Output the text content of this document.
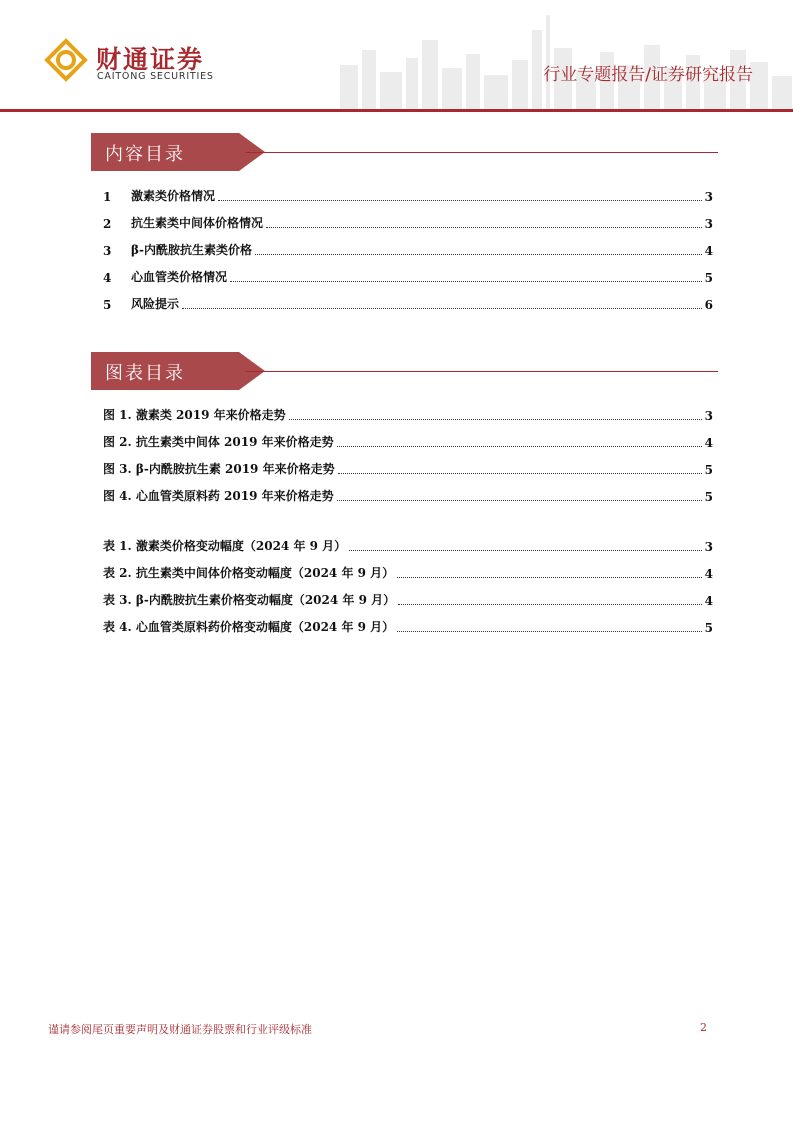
财通证券
CAITONG SECURITIES	行业专题报告/证券研究报告
内容目录
1	激素类价格情况	3
2	抗生素类中间体价格情况	3
3	β-内酰胺抗生素类价格	4
4	心血管类价格情况	5
5	风险提示	6
图表目录
图 1. 激素类 2019 年来价格走势	3
图 2. 抗生素类中间体 2019 年来价格走势	4
图 3. β-内酰胺抗生素 2019 年来价格走势	5
图 4. 心血管类原料药 2019 年来价格走势	5
表 1. 激素类价格变动幅度（2024 年 9 月）	3
表 2. 抗生素类中间体价格变动幅度（2024 年 9 月）	4
表 3. β-内酰胺抗生素价格变动幅度（2024 年 9 月）	4
表 4. 心血管类原料药价格变动幅度（2024 年 9 月）	5
谨请参阅尾页重要声明及财通证券股票和行业评级标准	2
